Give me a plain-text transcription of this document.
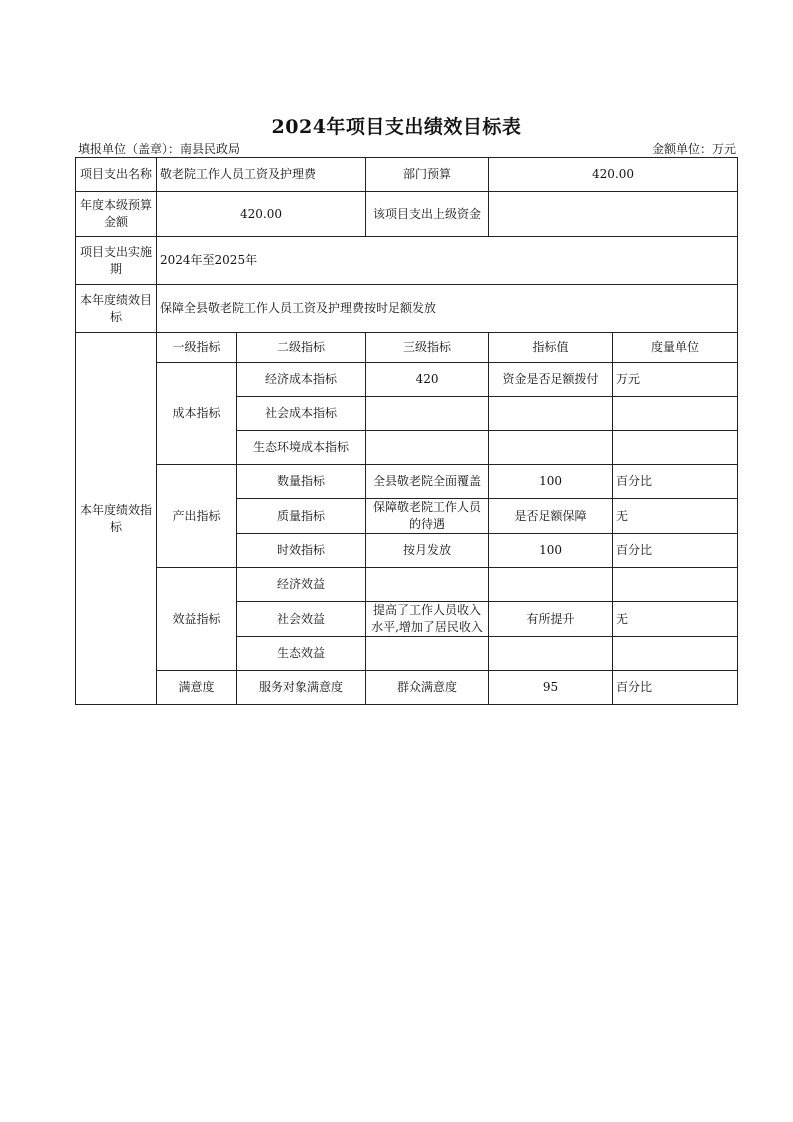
2024年项目支出绩效目标表
填报单位（盖章）：南县民政局	金额单位：万元
项目支出名称	敬老院工作人员工资及护理费		部门预算	420.00	
年度本级预算金额	420.00		该项目支出上级资金		
项目支出实施期	2024年至2025年				
本年度绩效目标	保障全县敬老院工作人员工资及护理费按时足额发放				
本年度绩效指标	一级指标	二级指标	三级指标	指标值	度量单位
	成本指标	经济成本指标	420	资金是否足额拨付	万元
		社会成本指标			
		生态环境成本指标			
	产出指标	数量指标	全县敬老院全面覆盖	100	百分比
		质量指标	保障敬老院工作人员的待遇	是否足额保障	无
		时效指标	按月发放	100	百分比
	效益指标	经济效益			
		社会效益	提高了工作人员收入水平,增加了居民收入	有所提升	无
		生态效益			
	满意度	服务对象满意度	群众满意度	95	百分比
